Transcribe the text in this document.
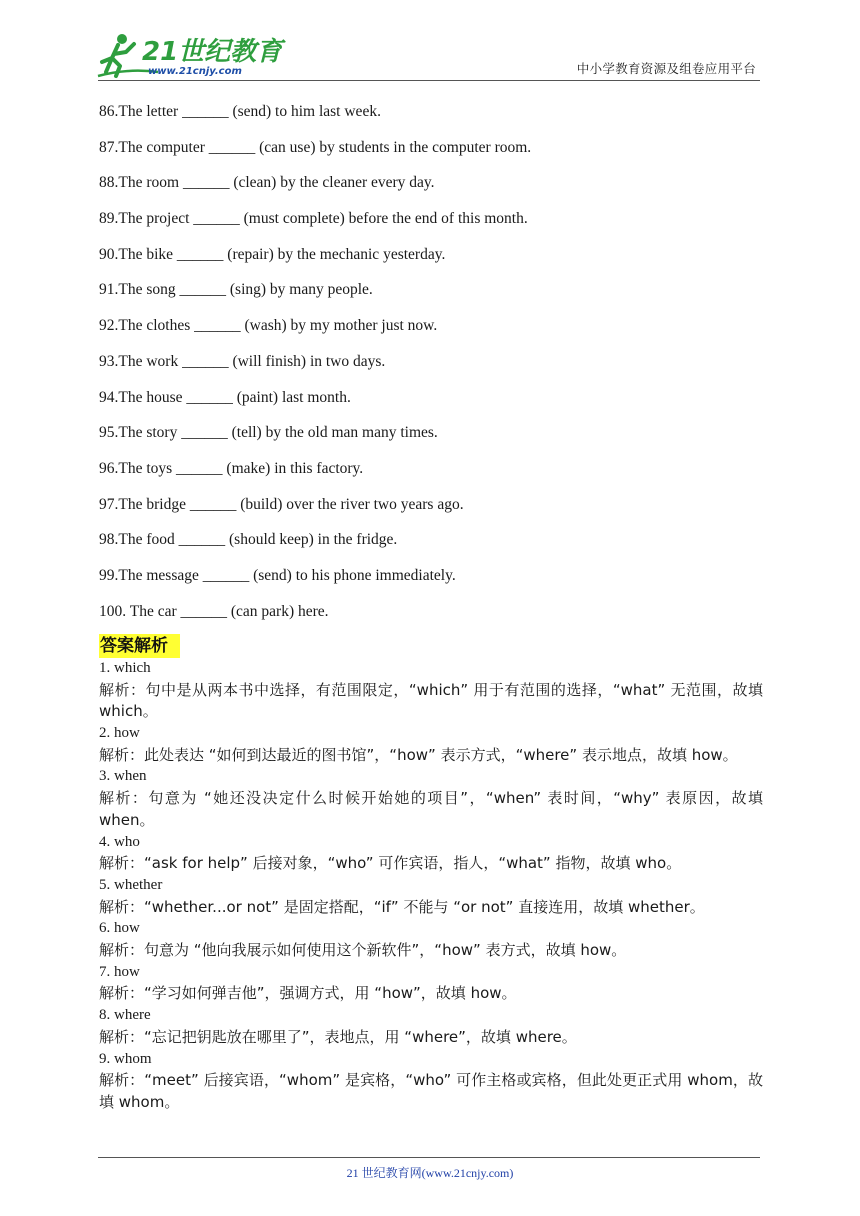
21世纪教育
www.21cnjy.com	中小学教育资源及组卷应用平台
86.The letter ______ (send) to him last week.
87.The computer ______ (can use) by students in the computer room.
88.The room ______ (clean) by the cleaner every day.
89.The project ______ (must complete) before the end of this month.
90.The bike ______ (repair) by the mechanic yesterday.
91.The song ______ (sing) by many people.
92.The clothes ______ (wash) by my mother just now.
93.The work ______ (will finish) in two days.
94.The house ______ (paint) last month.
95.The story ______ (tell) by the old man many times.
96.The toys ______ (make) in this factory.
97.The bridge ______ (build) over the river two years ago.
98.The food ______ (should keep) in the fridge.
99.The message ______ (send) to his phone immediately.
100. The car ______ (can park) here.
答案解析
1. which

解析：句中是从两本书中选择，有范围限定，“which” 用于有范围的选择，“what” 无范围，故填 which。

2. how

解析：此处表达 “如何到达最近的图书馆”，“how” 表示方式，“where” 表示地点，故填 how。

3. when

解析：句意为 “她还没决定什么时候开始她的项目”，“when” 表时间，“why” 表原因，故填 when。

4. who

解析：“ask for help” 后接对象，“who” 可作宾语，指人，“what” 指物，故填 who。

5. whether

解析：“whether...or not” 是固定搭配，“if” 不能与 “or not” 直接连用，故填 whether。

6. how

解析：句意为 “他向我展示如何使用这个新软件”，“how” 表方式，故填 how。

7. how

解析：“学习如何弹吉他”，强调方式，用 “how”，故填 how。

8. where

解析：“忘记把钥匙放在哪里了”，表地点，用 “where”，故填 where。

9. whom

解析：“meet” 后接宾语，“whom” 是宾格，“who” 可作主格或宾格，但此处更正式用 whom，故填 whom。

21 世纪教育网(www.21cnjy.com)
